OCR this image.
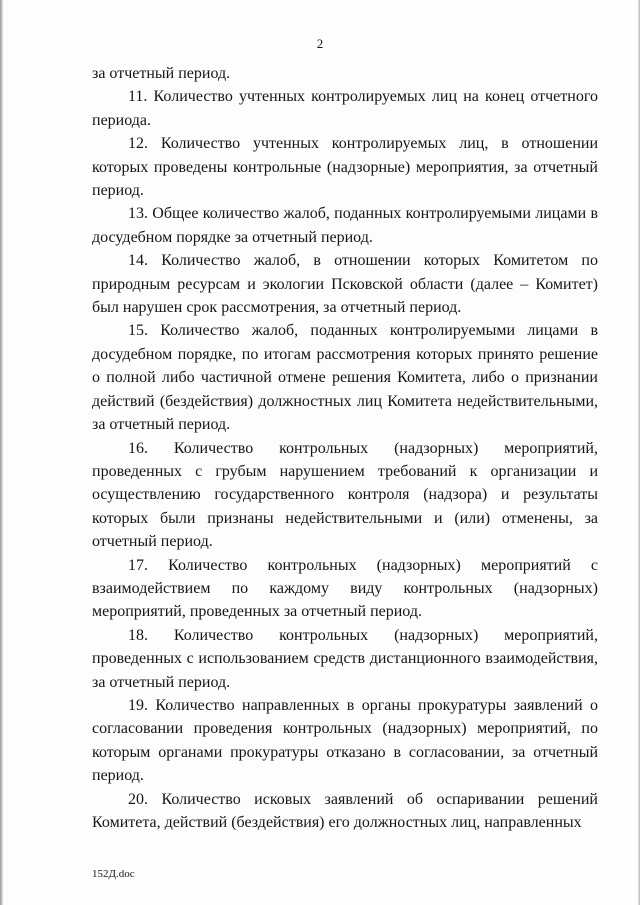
2

за отчетный период.

11. Количество учтенных контролируемых лиц на конец отчетного периода.

12. Количество учтенных контролируемых лиц, в отношении которых проведены контрольные (надзорные) мероприятия, за отчетный период.

13. Общее количество жалоб, поданных контролируемыми лицами в досудебном порядке за отчетный период.

14. Количество жалоб, в отношении которых Комитетом по природным ресурсам и экологии Псковской области (далее – Комитет) был нарушен срок рассмотрения, за отчетный период.

15. Количество жалоб, поданных контролируемыми лицами в досудебном порядке, по итогам рассмотрения которых принято решение о полной либо частичной отмене решения Комитета, либо о признании действий (бездействия) должностных лиц Комитета недействительными, за отчетный период.

16. Количество контрольных (надзорных) мероприятий, проведенных с грубым нарушением требований к организации и осуществлению государственного контроля (надзора) и результаты которых были признаны недействительными и (или) отменены, за отчетный период.

17. Количество контрольных (надзорных) мероприятий с взаимодействием по каждому виду контрольных (надзорных) мероприятий, проведенных за отчетный период.

18. Количество контрольных (надзорных) мероприятий, проведенных с использованием средств дистанционного взаимодействия, за отчетный период.

19. Количество направленных в органы прокуратуры заявлений о согласовании проведения контрольных (надзорных) мероприятий, по которым органами прокуратуры отказано в согласовании, за отчетный период.

20. Количество исковых заявлений об оспаривании решений Комитета, действий (бездействия) его должностных лиц, направленных

152Д.doc
